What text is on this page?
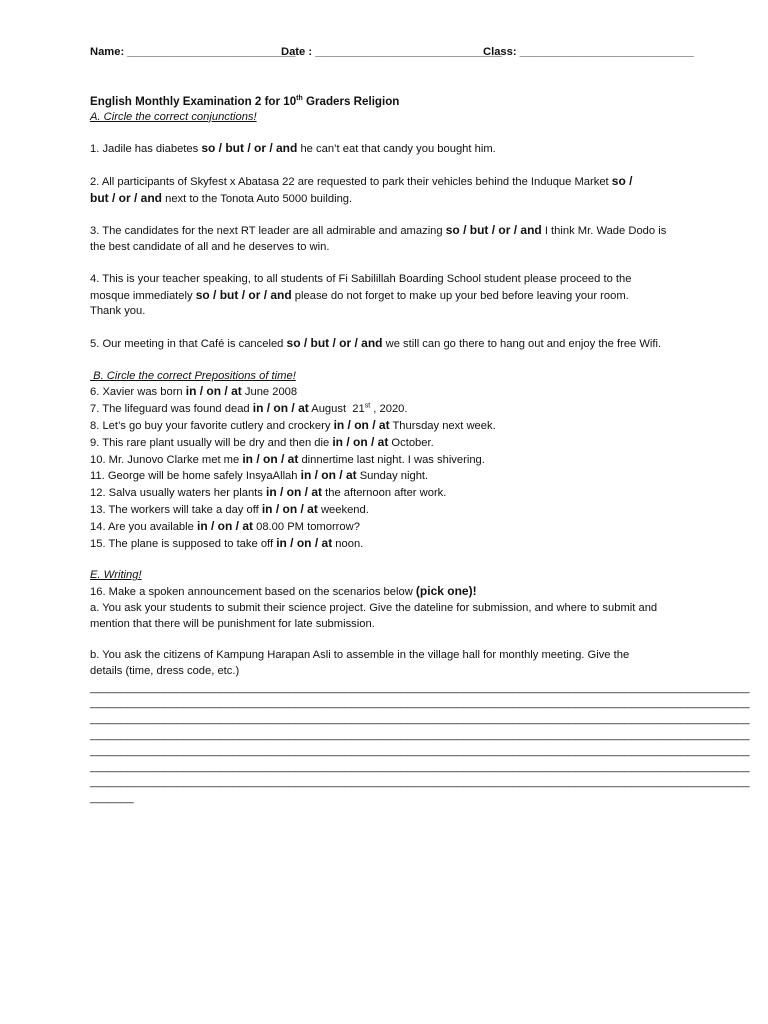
Name: ___________________________
Date : ______________________________
Class: ____________________________
English Monthly Examination 2 for 10th Graders Religion
A. Circle the correct conjunctions!

1. Jadile has diabetes so / but / or / and he can’t eat that candy you bought him.

2. All participants of Skyfest x Abatasa 22 are requested to park their vehicles behind the Induque Market so /

but / or / and next to the Tonota Auto 5000 building.

3. The candidates for the next RT leader are all admirable and amazing so / but / or / and I think Mr. Wade Dodo is

the best candidate of all and he deserves to win.

4. This is your teacher speaking, to all students of Fi Sabilillah Boarding School student please proceed to the

mosque immediately so / but / or / and please do not forget to make up your bed before leaving your room.

Thank you.

5. Our meeting in that Café is canceled so / but / or / and we still can go there to hang out and enjoy the free Wifi.

B. Circle the correct Prepositions of time!

6. Xavier was born in / on / at June 2008

7. The lifeguard was found dead in / on / at August  21st , 2020.

8. Let’s go buy your favorite cutlery and crockery in / on / at Thursday next week.

9. This rare plant usually will be dry and then die in / on / at October.

10. Mr. Junovo Clarke met me in / on / at dinnertime last night. I was shivering.

11. George will be home safely InsyaAllah in / on / at Sunday night.

12. Salva usually waters her plants in / on / at the afternoon after work.

13. The workers will take a day off in / on / at weekend.

14. Are you available in / on / at 08.00 PM tomorrow?

15. The plane is supposed to take off in / on / at noon.

E. Writing!

16. Make a spoken announcement based on the scenarios below (pick one)!

a. You ask your students to submit their science project. Give the dateline for submission, and where to submit and

mention that there will be punishment for late submission.

b. You ask the citizens of Kampung Harapan Asli to assemble in the village hall for monthly meeting. Give the

details (time, dress code, etc.)

__________________________________________________________________________________________________________
__________________________________________________________________________________________________________
__________________________________________________________________________________________________________
__________________________________________________________________________________________________________
__________________________________________________________________________________________________________
__________________________________________________________________________________________________________
__________________________________________________________________________________________________________
_______
